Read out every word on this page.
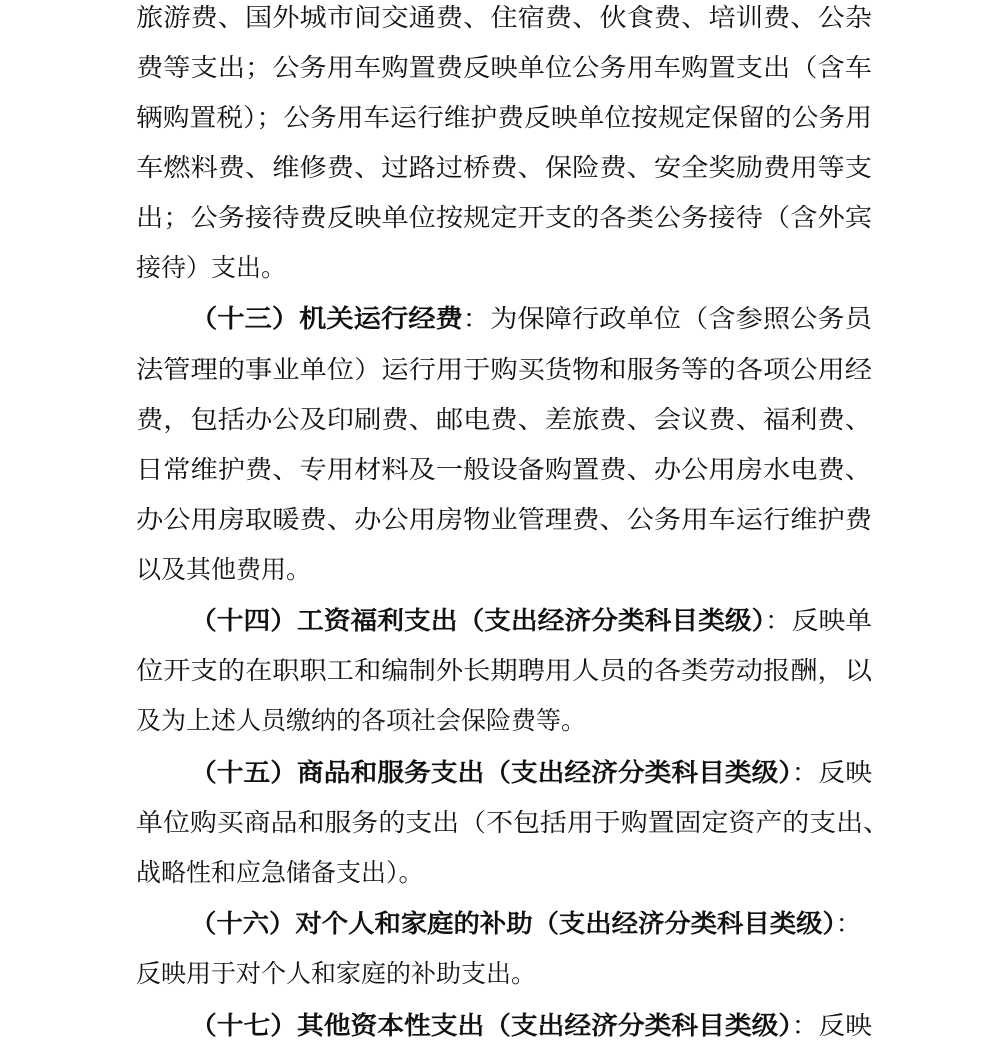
旅游费、国外城市间交通费、住宿费、伙食费、培训费、公杂
费等支出；公务用车购置费反映单位公务用车购置支出（含车
辆购置税）；公务用车运行维护费反映单位按规定保留的公务用
车燃料费、维修费、过路过桥费、保险费、安全奖励费用等支
出；公务接待费反映单位按规定开支的各类公务接待（含外宾
接待）支出。
（十三）机关运行经费：为保障行政单位（含参照公务员
法管理的事业单位）运行用于购买货物和服务等的各项公用经
费，包括办公及印刷费、邮电费、差旅费、会议费、福利费、
日常维护费、专用材料及一般设备购置费、办公用房水电费、
办公用房取暖费、办公用房物业管理费、公务用车运行维护费
以及其他费用。
（十四）工资福利支出（支出经济分类科目类级）：反映单
位开支的在职职工和编制外长期聘用人员的各类劳动报酬，以
及为上述人员缴纳的各项社会保险费等。
（十五）商品和服务支出（支出经济分类科目类级）：反映
单位购买商品和服务的支出（不包括用于购置固定资产的支出、
战略性和应急储备支出）。
（十六）对个人和家庭的补助（支出经济分类科目类级）：
反映用于对个人和家庭的补助支出。
（十七）其他资本性支出（支出经济分类科目类级）：反映
